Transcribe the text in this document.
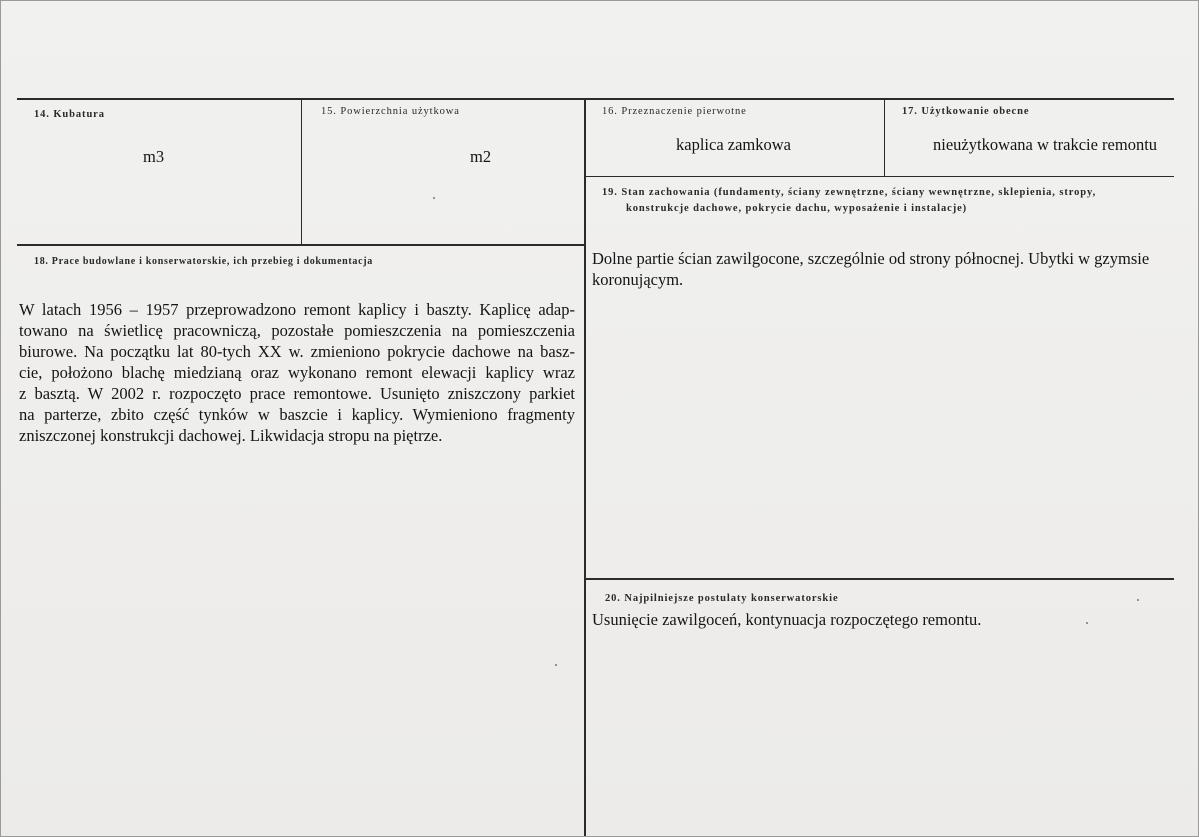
14. Kubatura
m3
15. Powierzchnia użytkowa
m2
16. Przeznaczenie pierwotne
kaplica zamkowa
17. Użytkowanie obecne
nieużytkowana w trakcie remontu
19. Stan zachowania (fundamenty, ściany zewnętrzne, ściany wewnętrzne, sklepienia, stropy,
konstrukcje dachowe, pokrycie dachu, wyposażenie i instalacje)
Dolne partie ścian zawilgocone, szczególnie od strony północnej. Ubytki w gzymsie
koronującym.
18. Prace budowlane i konserwatorskie, ich przebieg i dokumentacja
W latach 1956 – 1957 przeprowadzono remont kaplicy i baszty. Kaplicę adap-
towano na świetlicę pracowniczą, pozostałe pomieszczenia na pomieszczenia
biurowe. Na początku lat 80-tych XX w. zmieniono pokrycie dachowe na basz-
cie, położono blachę miedzianą oraz wykonano remont elewacji kaplicy wraz
z basztą. W 2002 r. rozpoczęto prace remontowe. Usunięto zniszczony parkiet
na parterze, zbito część tynków w baszcie i kaplicy. Wymieniono fragmenty
zniszczonej konstrukcji dachowej. Likwidacja stropu na piętrze.
20. Najpilniejsze postulaty konserwatorskie
Usunięcie zawilgoceń, kontynuacja rozpoczętego remontu.
